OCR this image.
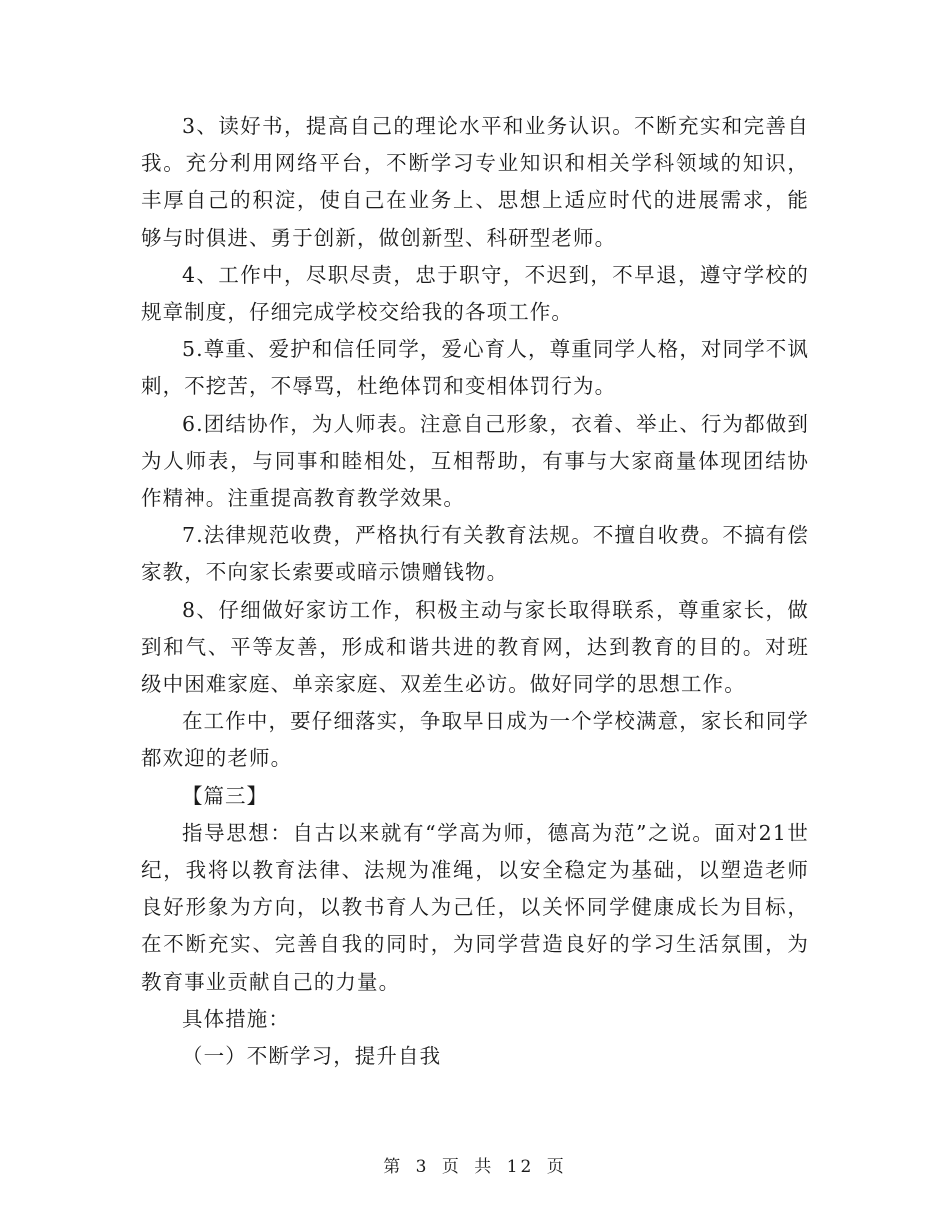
3、读好书，提高自己的理论水平和业务认识。不断充实和完善自我。充分利用网络平台，不断学习专业知识和相关学科领域的知识，丰厚自己的积淀，使自己在业务上、思想上适应时代的进展需求，能够与时俱进、勇于创新，做创新型、科研型老师。

4、工作中，尽职尽责，忠于职守，不迟到，不早退，遵守学校的规章制度，仔细完成学校交给我的各项工作。

5.尊重、爱护和信任同学，爱心育人，尊重同学人格，对同学不讽刺，不挖苦，不辱骂，杜绝体罚和变相体罚行为。

6.团结协作，为人师表。注意自己形象，衣着、举止、行为都做到为人师表，与同事和睦相处，互相帮助，有事与大家商量体现团结协作精神。注重提高教育教学效果。

7.法律规范收费，严格执行有关教育法规。不擅自收费。不搞有偿家教，不向家长索要或暗示馈赠钱物。

8、仔细做好家访工作，积极主动与家长取得联系，尊重家长，做到和气、平等友善，形成和谐共进的教育网，达到教育的目的。对班级中困难家庭、单亲家庭、双差生必访。做好同学的思想工作。

在工作中，要仔细落实，争取早日成为一个学校满意，家长和同学都欢迎的老师。

【篇三】

指导思想：自古以来就有“学高为师，德高为范”之说。面对21世纪，我将以教育法律、法规为准绳，以安全稳定为基础，以塑造老师良好形象为方向，以教书育人为己任，以关怀同学健康成长为目标，在不断充实、完善自我的同时，为同学营造良好的学习生活氛围，为教育事业贡献自己的力量。

具体措施：

（一）不断学习，提升自我

第 3 页 共 12 页
